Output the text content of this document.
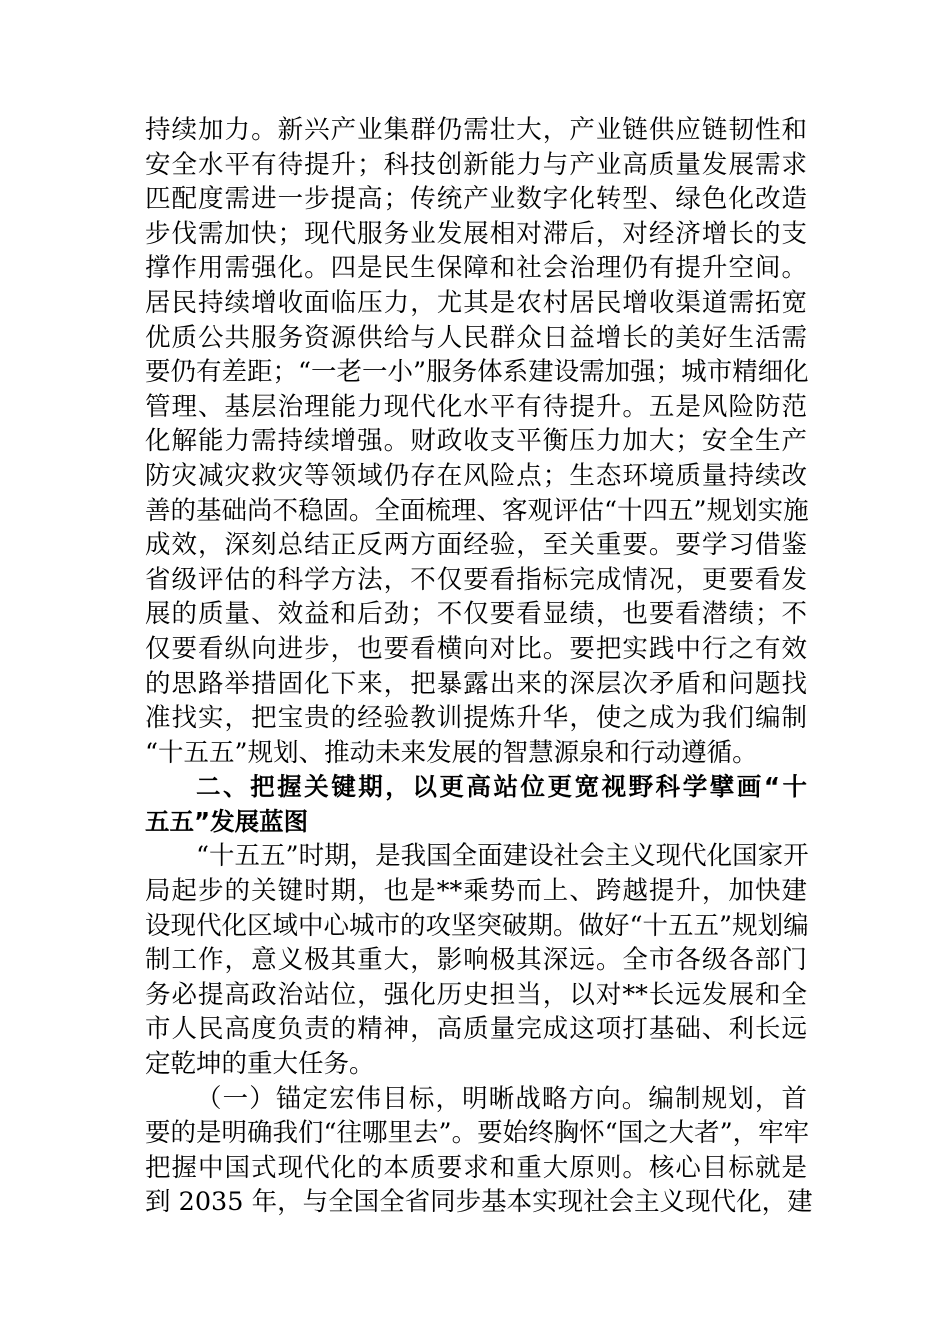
持续加力。新兴产业集群仍需壮大，产业链供应链韧性和
安全水平有待提升；科技创新能力与产业高质量发展需求
匹配度需进一步提高；传统产业数字化转型、绿色化改造
步伐需加快；现代服务业发展相对滞后，对经济增长的支
撑作用需强化。四是民生保障和社会治理仍有提升空间。
居民持续增收面临压力，尤其是农村居民增收渠道需拓宽
优质公共服务资源供给与人民群众日益增长的美好生活需
要仍有差距；“一老一小”服务体系建设需加强；城市精细化
管理、基层治理能力现代化水平有待提升。五是风险防范
化解能力需持续增强。财政收支平衡压力加大；安全生产
防灾减灾救灾等领域仍存在风险点；生态环境质量持续改
善的基础尚不稳固。全面梳理、客观评估“十四五”规划实施
成效，深刻总结正反两方面经验，至关重要。要学习借鉴
省级评估的科学方法，不仅要看指标完成情况，更要看发
展的质量、效益和后劲；不仅要看显绩，也要看潜绩；不
仅要看纵向进步，也要看横向对比。要把实践中行之有效
的思路举措固化下来，把暴露出来的深层次矛盾和问题找
准找实，把宝贵的经验教训提炼升华，使之成为我们编制
“十五五”规划、推动未来发展的智慧源泉和行动遵循。
二、把握关键期，以更高站位更宽视野科学擘画“十
五五”发展蓝图
“十五五”时期，是我国全面建设社会主义现代化国家开
局起步的关键时期，也是**乘势而上、跨越提升，加快建
设现代化区域中心城市的攻坚突破期。做好“十五五”规划编
制工作，意义极其重大，影响极其深远。全市各级各部门
务必提高政治站位，强化历史担当，以对**长远发展和全
市人民高度负责的精神，高质量完成这项打基础、利长远
定乾坤的重大任务。
（一）锚定宏伟目标，明晰战略方向。编制规划，首
要的是明确我们“往哪里去”。要始终胸怀“国之大者”，牢牢
把握中国式现代化的本质要求和重大原则。核心目标就是
到 2035 年，与全国全省同步基本实现社会主义现代化，建
